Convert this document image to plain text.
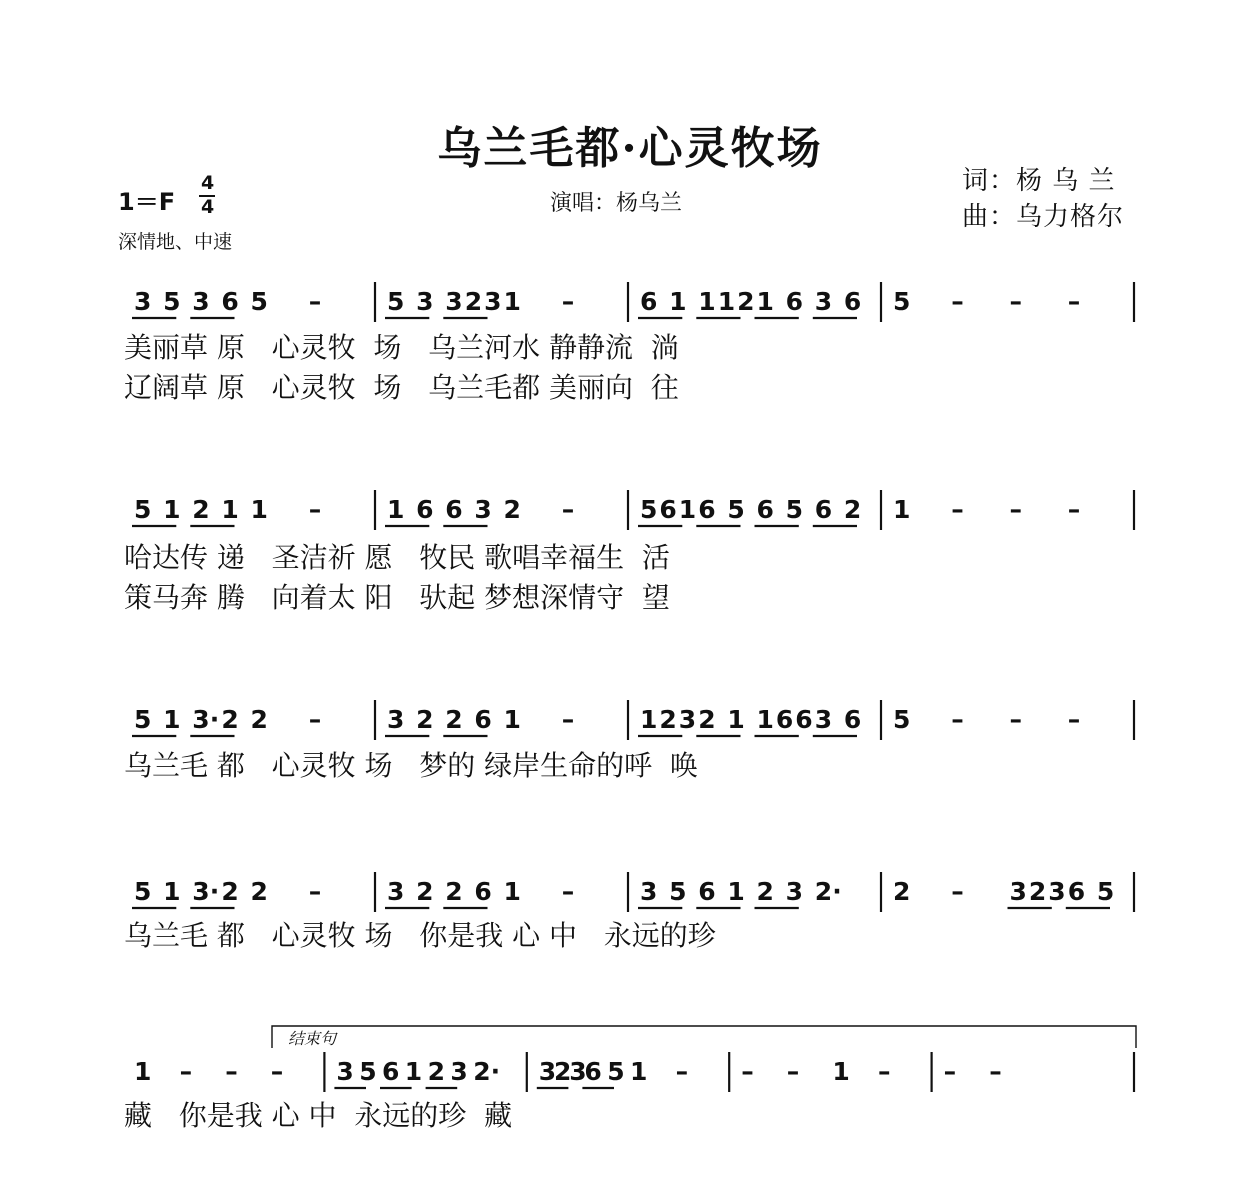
乌兰毛都·心灵牧场
演唱：杨乌兰
词：杨 乌 兰
曲：乌力格尔
1＝F
4
4
深情地、中速
3 5 3 6 5 –	5 3 3 2 3 1 –	6 1 1 1 2 1 6 3 6 5 – – –
5 1 2 1 1 –	1 6 6 3 2 –	5 6 1 6 5 6 5 6 2 1 – – –
5 1 3· 2 2 –	3 2 2 6 1 –	1 2 3 2 1 1 6 6 3 6 5 – – –
5 1 3· 2 2 –	3 2 2 6 1 –	3 5 6 1 2 3 2· 2 – 3 2 3 6 5
1 – – – 3 5 6 1 2 3 2· 3
2
3
6 5 1 – – – 1 – – –
结束句
美丽草 原   心灵牧  场   乌兰河水 静静流  淌
辽阔草 原   心灵牧  场   乌兰毛都 美丽向  往
哈达传 递   圣洁祈 愿   牧民 歌唱幸福生  活
策马奔 腾   向着太 阳   驮起 梦想深情守  望
乌兰毛 都   心灵牧 场   梦的 绿岸生命的呼  唤
乌兰毛 都   心灵牧 场   你是我 心 中   永远的珍
藏   你是我 心 中  永远的珍  藏
